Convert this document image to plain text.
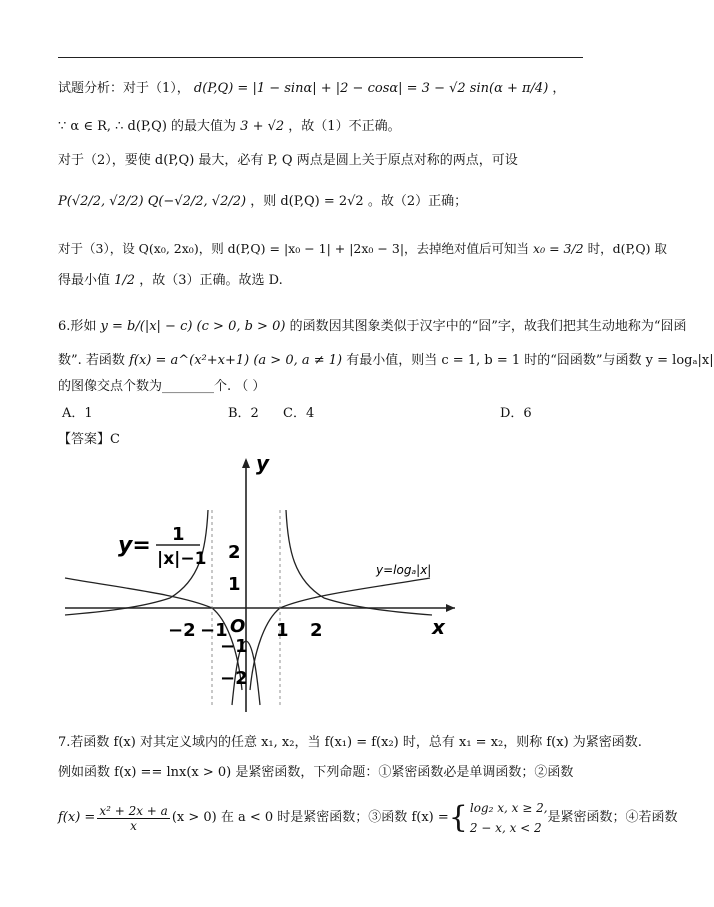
试题分析：对于（1）， d(P,Q) = |1 − sinα| + |2 − cosα| = 3 − √2 sin(α + π/4) ，
∵ α ∈ R, ∴ d(P,Q) 的最大值为 3 + √2 ，故（1）不正确。
对于（2），要使 d(P,Q) 最大，必有 P, Q 两点是圆上关于原点对称的两点，可设
P(√2/2, √2/2) Q(−√2/2, √2/2) ，则 d(P,Q) = 2√2 。故（2）正确；
对于（3），设 Q(x₀, 2x₀)，则 d(P,Q) = |x₀ − 1| + |2x₀ − 3|，去掉绝对值后可知当 x₀ = 3/2 时，d(P,Q) 取
得最小值 1/2 ，故（3）正确。故选 D.
6.形如 y = b/(|x| − c) (c > 0, b > 0) 的函数因其图象类似于汉字中的“囧”字，故我们把其生动地称为“囧函
数”. 若函数 f(x) = a^(x²+x+1) (a > 0, a ≠ 1) 有最小值，则当 c = 1, b = 1 时的“囧函数”与函数 y = logₐ|x|
的图像交点个数为________个. （ ）
A．1	B．2 C．4	D．6
【答案】C
y
x
O
−2 −1	1 2
2
1
−1
−2
y= 1
|x|−1
y=logₐ|x|
7.若函数 f(x) 对其定义域内的任意 x₁, x₂，当 f(x₁) = f(x₂) 时，总有 x₁ = x₂，则称 f(x) 为紧密函数.
例如函数 f(x) == lnx(x > 0) 是紧密函数，下列命题：①紧密函数必是单调函数；②函数
$f(x) = \frac{\text{x² + 2x + a}}{x} (x > 0)$ 在 a < 0 时是紧密函数；③函数 f(x) = { log₂ x, x ≥ 2,
2 − x, x < 2
是紧密函数；④若函数
